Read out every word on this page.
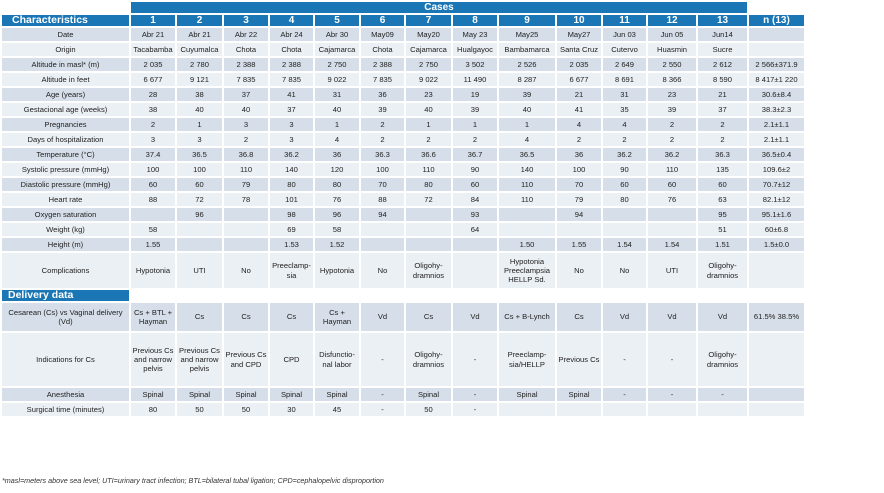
	Cases													
Characteristics	1	2	3	4	5	6	7	8	9	10	11	12	13	n (13)
Date	Abr 21	Abr 21	Abr 22	Abr 24	Abr 30	May09	May20	May 23	May25	May27	Jun 03	Jun 05	Jun14	
Origin	Tacabamba	Cuyumalca	Chota	Chota	Cajamarca	Chota	Cajamarca	Hualgayoc	Bambamarca	Santa Cruz	Cutervo	Huasmin	Sucre	
Altitude in masl* (m)	2 035	2 780	2 388	2 388	2 750	2 388	2 750	3 502	2 526	2 035	2 649	2 550	2 612	2 566±371.9
Altitude in feet	6 677	9 121	7 835	7 835	9 022	7 835	9 022	11 490	8 287	6 677	8 691	8 366	8 590	8 417±1 220
Age (years)	28	38	37	41	31	36	23	19	39	21	31	23	21	30.6±8.4
Gestacional age (weeks)	38	40	40	37	40	39	40	39	40	41	35	39	37	38.3±2.3
Pregnancies	2	1	3	3	1	2	1	1	1	4	4	2	2	2.1±1.1
Days of hospitalization	3	3	2	3	4	2	2	2	4	2	2	2	2	2.1±1.1
Temperature (°C)	37.4	36.5	36.8	36.2	36	36.3	36.6	36.7	36.5	36	36.2	36.2	36.3	36.5±0.4
Systolic pressure (mmHg)	100	100	110	140	120	100	110	90	140	100	90	110	135	109.6±2
Diastolic pressure (mmHg)	60	60	79	80	80	70	80	60	110	70	60	60	60	70.7±12
Heart rate	88	72	78	101	76	88	72	84	110	79	80	76	63	82.1±12
Oxygen saturation		96		98	96	94		93		94			95	95.1±1.6
Weight (kg)	58			69	58			64					51	60±6.8
Height (m)	1.55			1.53	1.52				1.50	1.55	1.54	1.54	1.51	1.5±0.0
Complications	Hypotonia	UTI	No	Preeclamp-sia	Hypotonia	No	Oligohy-dramnios		Hypotonia Preeclampsia HELLP Sd.	No	No	UTI	Oligohy-dramnios	
Delivery data														
Cesarean (Cs) vs Vaginal delivery (Vd)	Cs + BTL + Hayman	Cs	Cs	Cs	Cs + Hayman	Vd	Cs	Vd	Cs + B-Lynch	Cs	Vd	Vd	Vd	61.5% 38.5%
Indications for Cs	Previous Cs and narrow pelvis	Previous Cs and narrow pelvis	Previous Cs and CPD	CPD	Disfunctio-nal labor	-	Oligohy-dramnios	-	Preeclamp-sia/HELLP	Previous Cs	-	-	Oligohy-dramnios	
Anesthesia	Spinal	Spinal	Spinal	Spinal	Spinal	-	Spinal	-	Spinal	Spinal	-	-	-	
Surgical time (minutes)	80	50	50	30	45	-	50	-						
*masl=meters above sea level; UTI=urinary tract infection; BTL=bilateral tubal ligation; CPD=cephalopelvic disproportion
